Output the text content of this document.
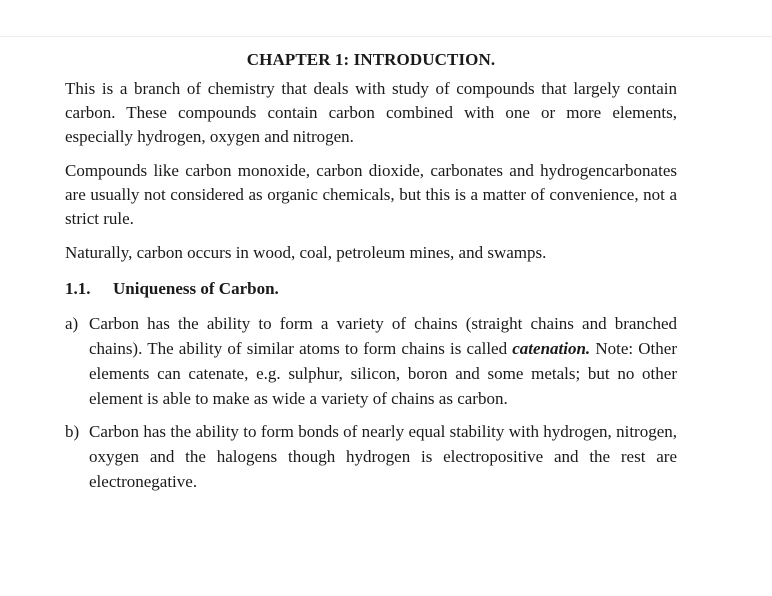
CHAPTER 1: INTRODUCTION.

This is a branch of chemistry that deals with study of compounds that largely contain carbon. These compounds contain carbon combined with one or more elements, especially hydrogen, oxygen and nitrogen.

Compounds like carbon monoxide, carbon dioxide, carbonates and hydrogencarbonates are usually not considered as organic chemicals, but this is a matter of convenience, not a strict rule.

Naturally, carbon occurs in wood, coal, petroleum mines, and swamps.

1.1. Uniqueness of Carbon.
a) Carbon has the ability to form a variety of chains (straight chains and branched chains). The ability of similar atoms to form chains is called catenation. Note: Other elements can catenate, e.g. sulphur, silicon, boron and some metals; but no other element is able to make as wide a variety of chains as carbon.
b) Carbon has the ability to form bonds of nearly equal stability with hydrogen, nitrogen, oxygen and the halogens though hydrogen is electropositive and the rest are electronegative.
